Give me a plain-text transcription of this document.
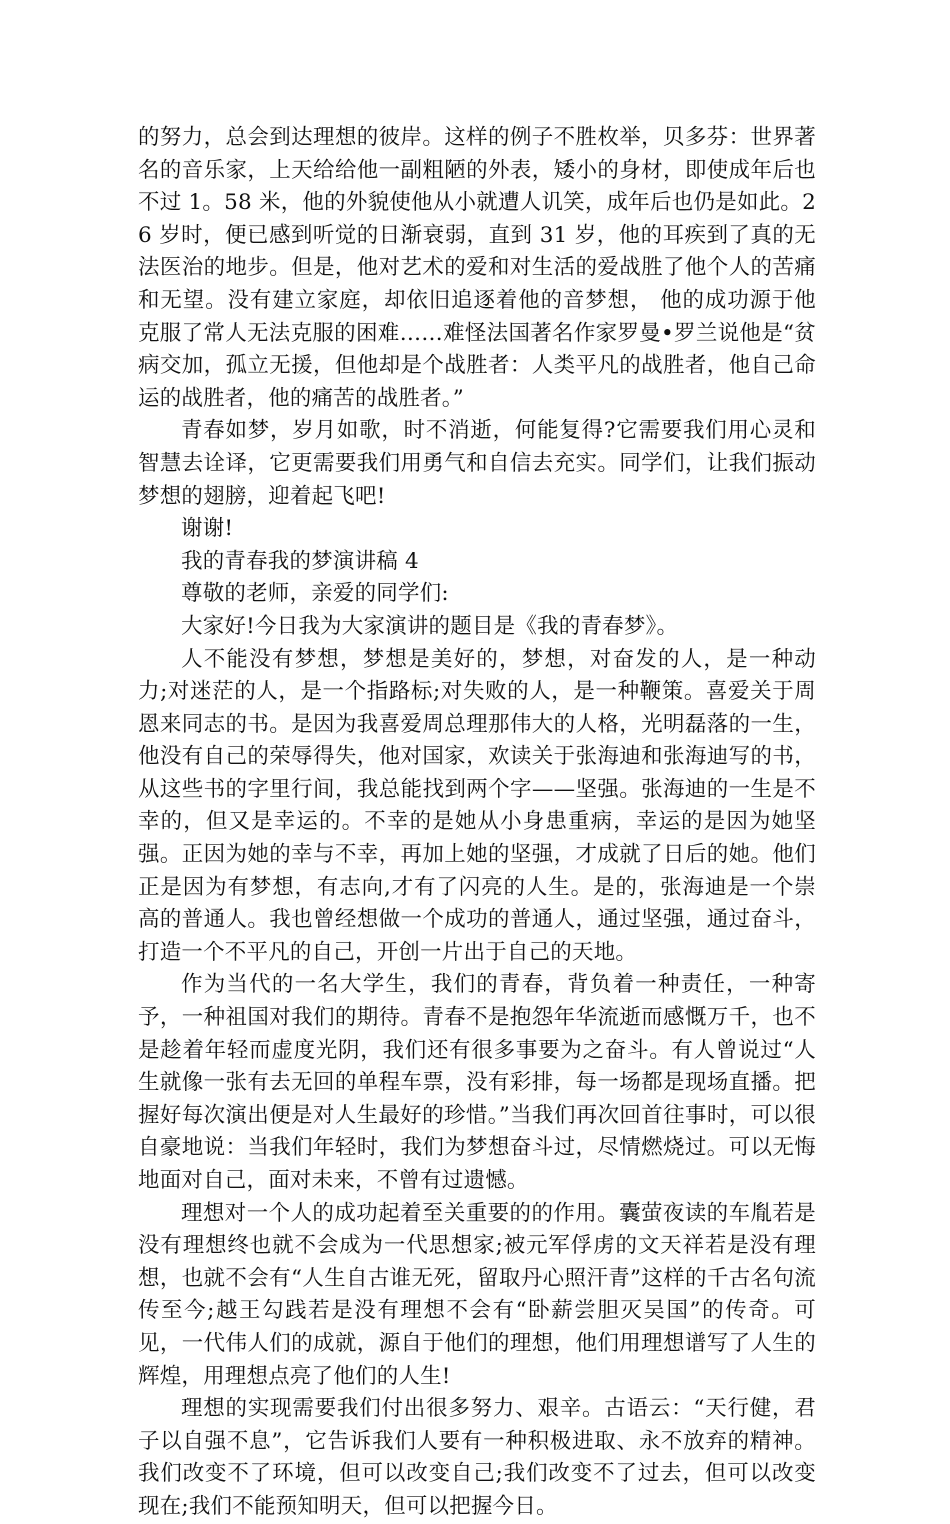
的努力，总会到达理想的彼岸。这样的例子不胜枚举，贝多芬：世界著名的音乐家，上天给给他一副粗陋的外表，矮小的身材，即使成年后也不过 1。58 米，他的外貌使他从小就遭人讥笑，成年后也仍是如此。26 岁时，便已感到听觉的日渐衰弱，直到 31 岁，他的耳疾到了真的无法医治的地步。但是，他对艺术的爱和对生活的爱战胜了他个人的苦痛和无望。没有建立家庭，却依旧追逐着他的音梦想， 他的成功源于他克服了常人无法克服的困难……难怪法国著名作家罗曼•罗兰说他是“贫病交加，孤立无援，但他却是个战胜者：人类平凡的战胜者，他自己命运的战胜者，他的痛苦的战胜者。”

青春如梦，岁月如歌，时不消逝，何能复得?它需要我们用心灵和智慧去诠译，它更需要我们用勇气和自信去充实。同学们，让我们振动梦想的翅膀，迎着起飞吧!

谢谢!

我的青春我的梦演讲稿 4

尊敬的老师，亲爱的同学们:

大家好!今日我为大家演讲的题目是《我的青春梦》。

人不能没有梦想，梦想是美好的，梦想，对奋发的人，是一种动力;对迷茫的人，是一个指路标;对失败的人，是一种鞭策。喜爱关于周恩来同志的书。是因为我喜爱周总理那伟大的人格，光明磊落的一生，他没有自己的荣辱得失，他对国家，欢读关于张海迪和张海迪写的书，从这些书的字里行间，我总能找到两个字——坚强。张海迪的一生是不幸的，但又是幸运的。不幸的是她从小身患重病，幸运的是因为她坚强。正因为她的幸与不幸，再加上她的坚强，才成就了日后的她。他们正是因为有梦想，有志向,才有了闪亮的人生。是的，张海迪是一个崇高的普通人。我也曾经想做一个成功的普通人，通过坚强，通过奋斗，打造一个不平凡的自己，开创一片出于自己的天地。

作为当代的一名大学生，我们的青春，背负着一种责任，一种寄予，一种祖国对我们的期待。青春不是抱怨年华流逝而感慨万千，也不是趁着年轻而虚度光阴，我们还有很多事要为之奋斗。有人曾说过“人生就像一张有去无回的单程车票，没有彩排，每一场都是现场直播。把握好每次演出便是对人生最好的珍惜。”当我们再次回首往事时，可以很自豪地说：当我们年轻时，我们为梦想奋斗过，尽情燃烧过。可以无悔地面对自己，面对未来，不曾有过遗憾。

理想对一个人的成功起着至关重要的的作用。囊萤夜读的车胤若是没有理想终也就不会成为一代思想家;被元军俘虏的文天祥若是没有理想，也就不会有“人生自古谁无死，留取丹心照汗青”这样的千古名句流传至今;越王勾践若是没有理想不会有“卧薪尝胆灭吴国”的传奇。可见，一代伟人们的成就，源自于他们的理想，他们用理想谱写了人生的辉煌，用理想点亮了他们的人生!

理想的实现需要我们付出很多努力、艰辛。古语云：“天行健，君子以自强不息”，它告诉我们人要有一种积极进取、永不放弃的精神。我们改变不了环境，但可以改变自己;我们改变不了过去，但可以改变现在;我们不能预知明天，但可以把握今日。
